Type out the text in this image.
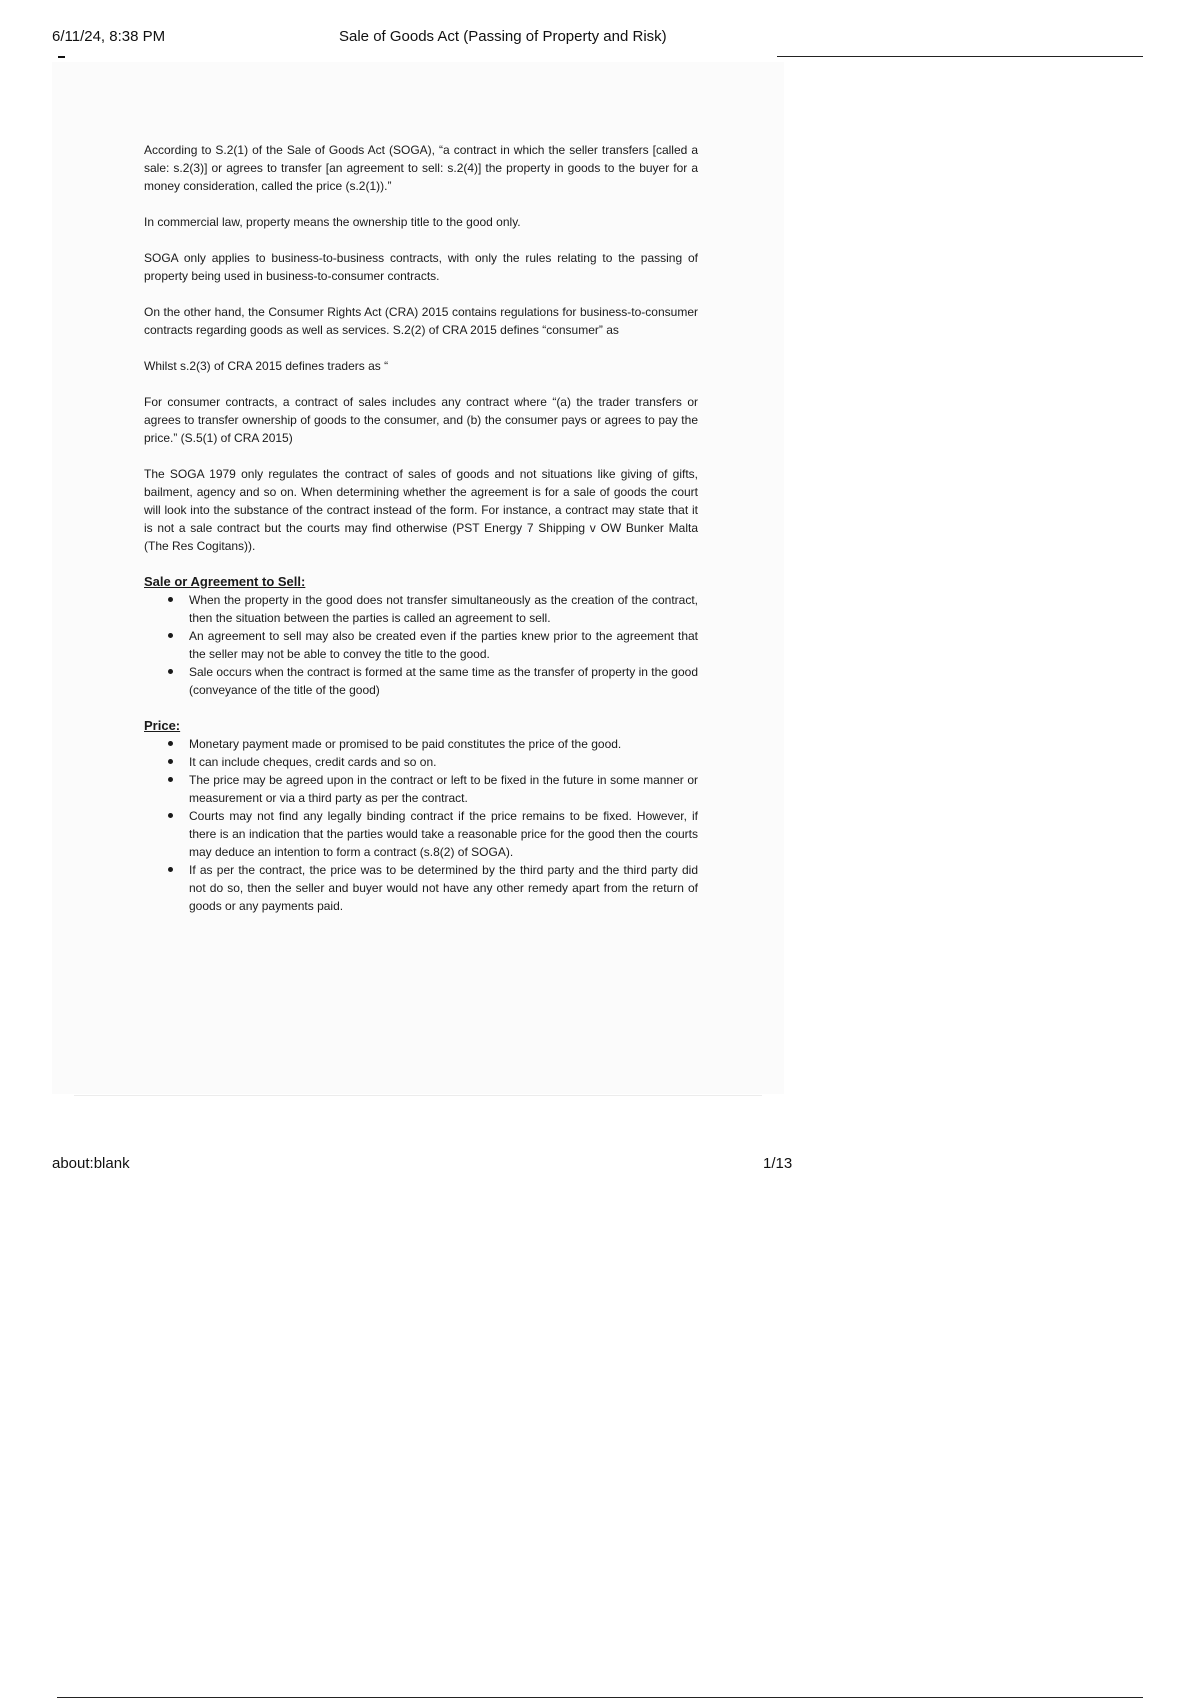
6/11/24, 8:38 PM	Sale of Goods Act (Passing of Property and Risk)

According to S.2(1) of the Sale of Goods Act (SOGA), “a contract in which the seller transfers [called a sale: s.2(3)] or agrees to transfer [an agreement to sell: s.2(4)] the property in goods to the buyer for a money consideration, called the price (s.2(1)).”

In commercial law, property means the ownership title to the good only.

SOGA only applies to business-to-business contracts, with only the rules relating to the passing of property being used in business-to-consumer contracts.

On the other hand, the Consumer Rights Act (CRA) 2015 contains regulations for business-to-consumer contracts regarding goods as well as services. S.2(2) of CRA 2015 defines “consumer” as

Whilst s.2(3) of CRA 2015 defines traders as “

For consumer contracts, a contract of sales includes any contract where “(a) the trader transfers or agrees to transfer ownership of goods to the consumer, and (b) the consumer pays or agrees to pay the price.” (S.5(1) of CRA 2015)

The SOGA 1979 only regulates the contract of sales of goods and not situations like giving of gifts, bailment, agency and so on. When determining whether the agreement is for a sale of goods the court will look into the substance of the contract instead of the form. For instance, a contract may state that it is not a sale contract but the courts may find otherwise (PST Energy 7 Shipping v OW Bunker Malta (The Res Cogitans)).

Sale or Agreement to Sell:
When the property in the good does not transfer simultaneously as the creation of the contract, then the situation between the parties is called an agreement to sell.
An agreement to sell may also be created even if the parties knew prior to the agreement that the seller may not be able to convey the title to the good.
Sale occurs when the contract is formed at the same time as the transfer of property in the good (conveyance of the title of the good)
Price:
Monetary payment made or promised to be paid constitutes the price of the good.
It can include cheques, credit cards and so on.
The price may be agreed upon in the contract or left to be fixed in the future in some manner or measurement or via a third party as per the contract.
Courts may not find any legally binding contract if the price remains to be fixed. However, if there is an indication that the parties would take a reasonable price for the good then the courts may deduce an intention to form a contract (s.8(2) of SOGA).
If as per the contract, the price was to be determined by the third party and the third party did not do so, then the seller and buyer would not have any other remedy apart from the return of goods or any payments paid.
about:blank	1/13
